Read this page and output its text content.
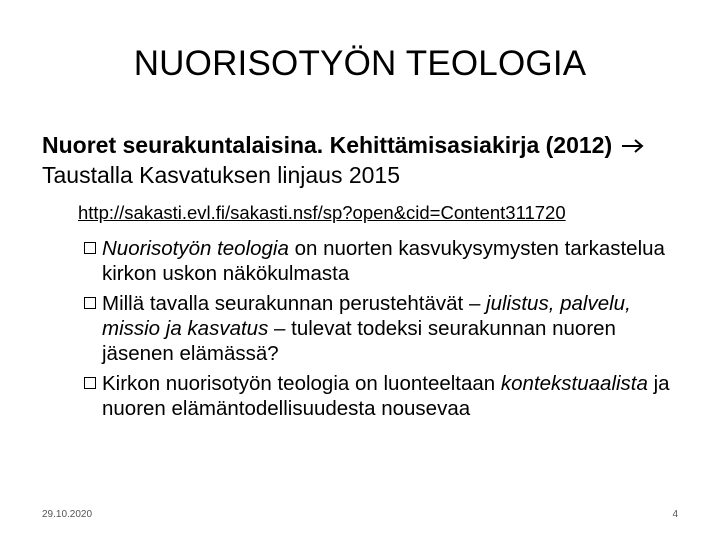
NUORISOTYÖN TEOLOGIA
Nuoret seurakuntalaisina. Kehittämisasiakirja (2012)  Taustalla Kasvatuksen linjaus 2015
http://sakasti.evl.fi/sakasti.nsf/sp?open&cid=Content311720
Nuorisotyön teologia on nuorten kasvukysymysten tarkastelua kirkon uskon näkökulmasta
Millä tavalla seurakunnan perustehtävät – julistus, palvelu, missio ja kasvatus – tulevat todeksi seurakunnan nuoren jäsenen elämässä?
Kirkon nuorisotyön teologia on luonteeltaan kontekstuaalista ja nuoren elämäntodellisuudesta nousevaa
29.10.2020	4
